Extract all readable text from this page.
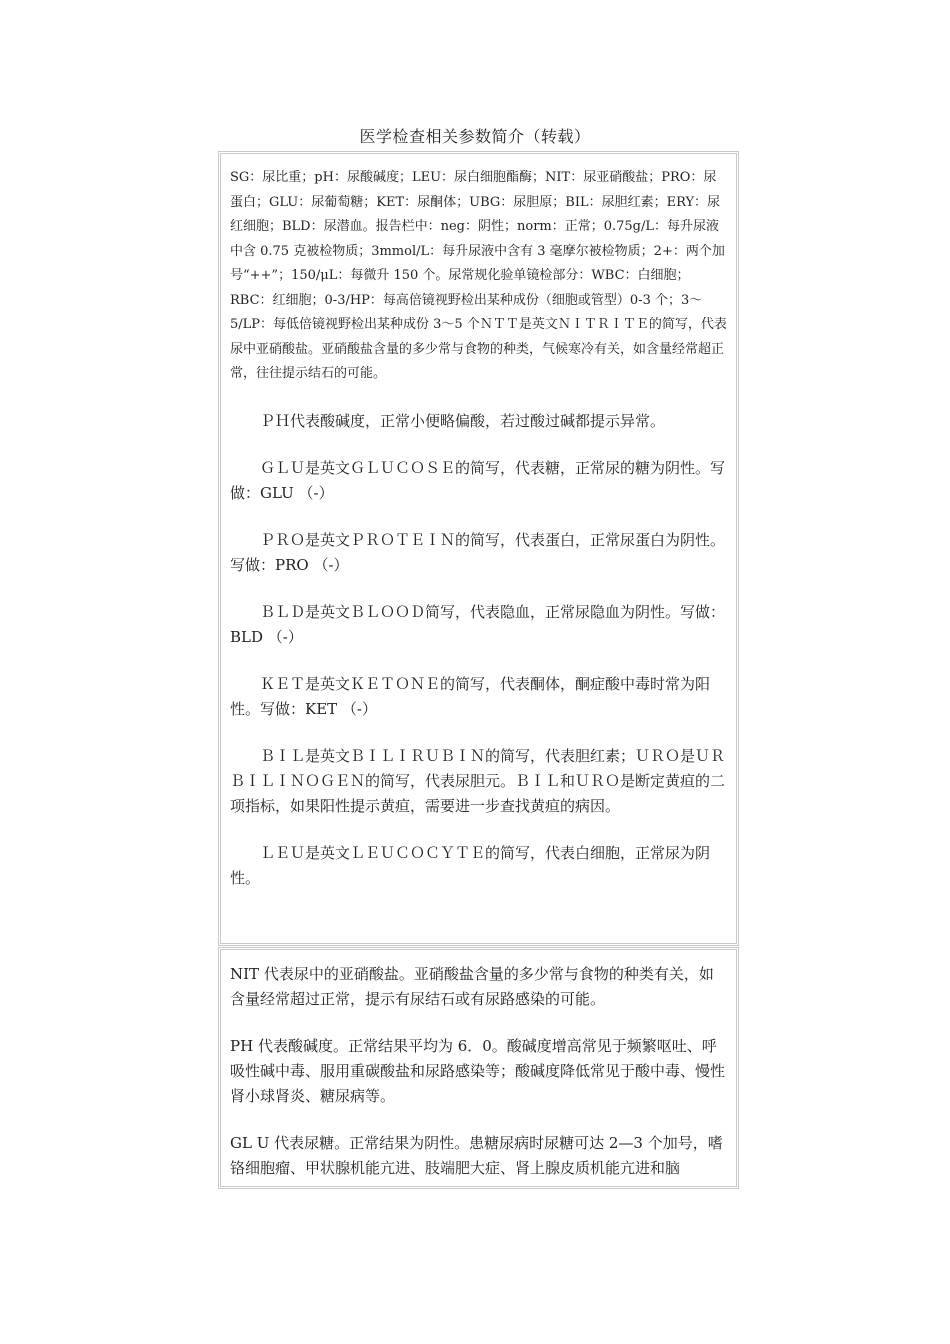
医学检查相关参数简介（转载）

SG：尿比重；pH：尿酸碱度；LEU：尿白细胞酯酶；NIT：尿亚硝酸盐；PRO：尿蛋白；GLU：尿葡萄糖；KET：尿酮体；UBG：尿胆原；BIL：尿胆红素；ERY：尿红细胞；BLD：尿潜血。报告栏中：neg：阴性；norm：正常；0.75g/L：每升尿液中含 0.75 克被检物质；3mmol/L：每升尿液中含有 3 毫摩尔被检物质；2+：两个加号“++”；150/μL：每微升 150 个。尿常规化验单镜检部分：WBC：白细胞；RBC：红细胞；0-3/HP：每高倍镜视野检出某种成份（细胞或管型）0-3 个；3～5/LP：每低倍镜视野检出某种成份 3～5 个ＮＴＴ是英文ＮＩＴＲＩＴＥ的简写，代表尿中亚硝酸盐。亚硝酸盐含量的多少常与食物的种类，气候寒冷有关，如含量经常超正常，往往提示结石的可能。

ＰＨ代表酸碱度，正常小便略偏酸，若过酸过碱都提示异常。

ＧＬＵ是英文ＧＬＵＣＯＳＥ的简写，代表糖，正常尿的糖为阴性。写做：GLU （-）

ＰＲＯ是英文ＰＲＯＴＥＩＮ的简写，代表蛋白，正常尿蛋白为阴性。写做：PRO （-）

ＢＬＤ是英文ＢＬＯＯＤ简写，代表隐血，正常尿隐血为阴性。写做：BLD （-）

ＫＥＴ是英文ＫＥＴＯＮＥ的简写，代表酮体，酮症酸中毒时常为阳性。写做：KET （-）

ＢＩＬ是英文ＢＩＬＩＲＵＢＩＮ的简写，代表胆红素；ＵＲＯ是ＵＲＢＩＬＩＮＯＧＥＮ的简写，代表尿胆元。ＢＩＬ和ＵＲＯ是断定黄疸的二项指标，如果阳性提示黄疸，需要进一步查找黄疸的病因。

ＬＥＵ是英文ＬＥＵＣＯＣＹＴＥ的简写，代表白细胞，正常尿为阴性。

NIT 代表尿中的亚硝酸盐。亚硝酸盐含量的多少常与食物的种类有关，如含量经常超过正常，提示有尿结石或有尿路感染的可能。

PH 代表酸碱度。正常结果平均为 6．0。酸碱度增高常见于频繁呕吐、呼吸性碱中毒、服用重碳酸盐和尿路感染等；酸碱度降低常见于酸中毒、慢性肾小球肾炎、糖尿病等。

GL U 代表尿糖。正常结果为阴性。患糖尿病时尿糖可达 2—3 个加号，嗜铬细胞瘤、甲状腺机能亢进、肢端肥大症、肾上腺皮质机能亢进和脑
